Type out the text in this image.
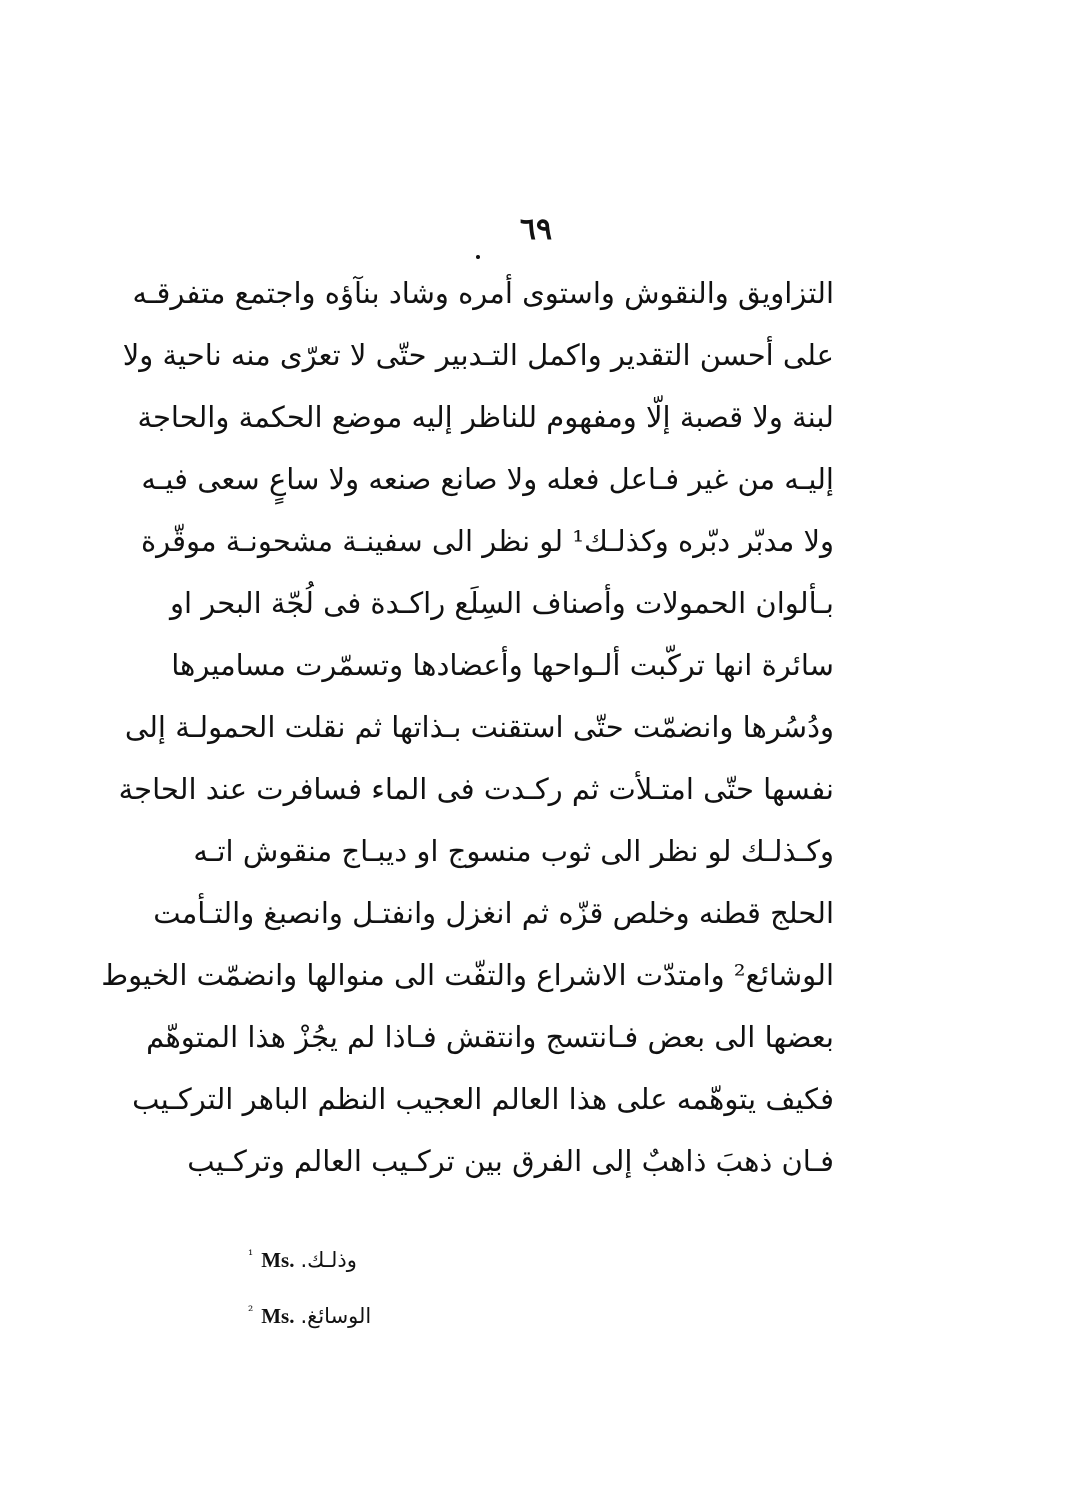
٦٩
التزاويق والنقوش واستوى أمره وشاد بنآؤه واجتمع متفرقـه
على أحسن التقدير واكمل التـدبير حتّى لا تعرّى منه ناحية ولا
لبنة ولا قصبة إلّا ومفهوم للناظر إليه موضع الحكمة والحاجة
إليـه من غير فـاعل فعله ولا صانع صنعه ولا ساعٍ سعى فيـه
ولا مدبّر دبّره وكذلـك¹ لو نظر الى سفينـة مشحونـة موقّرة
بـألوان الحمولات وأصناف السِلَع راكـدة فى لُجّة البحر او
سائرة انها تركّبت ألـواحها وأعضادها وتسمّرت مساميرها
ودُسُرها وانضمّت حتّى استقنت بـذاتها ثم نقلت الحمولـة إلى
نفسها حتّى امتـلأت ثم ركـدت فى الماء فسافرت عند الحاجة
وكـذلـك لو نظر الى ثوب منسوج او ديبـاج منقوش اتـه
الحلج قطنه وخلص قزّه ثم انغزل وانفتـل وانصبغ والتـأمت
الوشائع² وامتدّت الاشراع والتفّت الى منوالها وانضمّت الخيوط
بعضها الى بعض فـانتسج وانتقش فـاذا لم يجُزْ هذا المتوهّم
فكيف يتوهّمه على هذا العالم العجيب النظم الباهر التركـيب
فـان ذهبَ ذاهبٌ إلى الفرق بين تركـيب العالم وتركـيب
$^{^1}$ Ms. وذلـك.
$^{^2}$ Ms. الوسائغ.
